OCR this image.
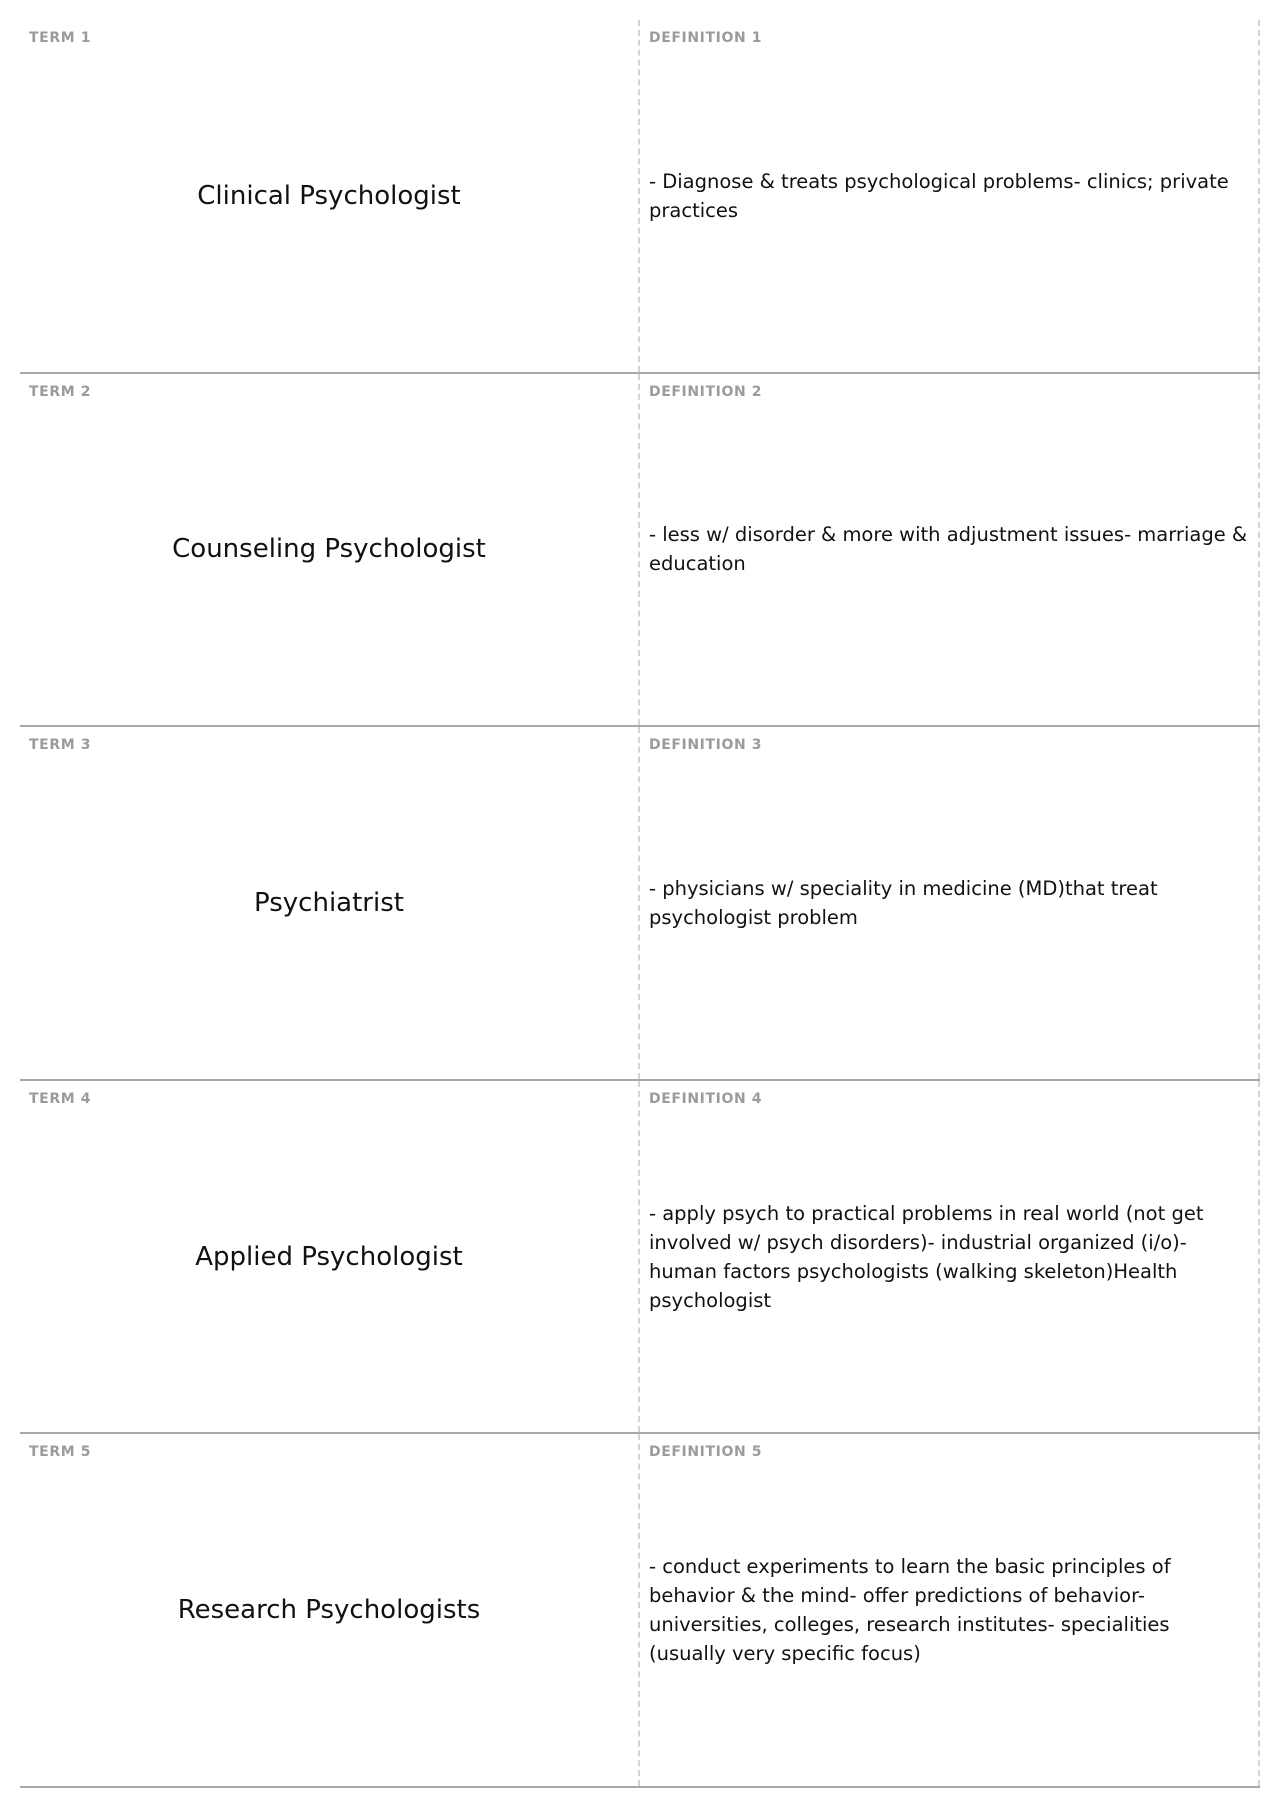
TERM 1
Clinical Psychologist
DEFINITION 1
- Diagnose & treats psychological problems- clinics; private practices
TERM 2
Counseling Psychologist
DEFINITION 2
- less w/ disorder & more with adjustment issues- marriage & education
TERM 3
Psychiatrist
DEFINITION 3
- physicians w/ speciality in medicine (MD)that treat psychologist problem
TERM 4
Applied Psychologist
DEFINITION 4
- apply psych to practical problems in real world (not get involved w/ psych disorders)- industrial organized (i/o)- human factors psychologists (walking skeleton)Health psychologist
TERM 5
Research Psychologists
DEFINITION 5
- conduct experiments to learn the basic principles of behavior & the mind- offer predictions of behavior- universities, colleges, research institutes- specialities (usually very specific focus)
